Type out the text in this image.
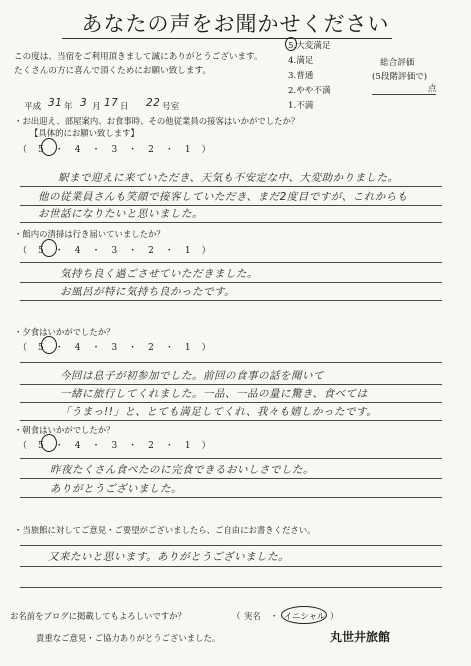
あなたの声をお聞かせください
この度は、当宿をご利用頂きまして誠にありがとうございます。
たくさんの方に喜んで頂くためにお願い致します。
5.大変満足
4.満足
3.普通
2.やや不満
1.不満
総合評価
(5段階評価で)
点
平成 31 年 3 月 17 日 22 号室
・お出迎え、部屋案内、お食事時、その他従業員の接客はいかがでしたか？
【具体的にお願い致します】
（　5　・　4　・　3　・　2　・　1　）
駅まで迎えに来ていただき、天気も不安定な中、大変助かりました。
他の従業員さんも笑顔で接客していただき、まだ2度目ですが、これからも
お世話になりたいと思いました。
・館内の清掃は行き届いていましたか？
（　5　・　4　・　3　・　2　・　1　）
気持ち良く過ごさせていただきました。
お風呂が特に気持ち良かったです。
・夕食はいかがでしたか？
（　5　・　4　・　3　・　2　・　1　）
今回は息子が初参加でした。前回の食事の話を聞いて
一緒に旅行してくれました。一品、一品の量に驚き、食べては
「うまっ!!」と、とても満足してくれ、我々も嬉しかったです。
・朝食はいかがでしたか？
（　5　・　4　・　3　・　2　・　1　）
昨夜たくさん食べたのに完食できるおいしさでした。
ありがとうございました。
・当旅館に対してご意見・ご要望がございましたら、ご自由にお書きください。
又来たいと思います。ありがとうございました。
お名前をブログに掲載してもよろしいですか？	（ 実名 ・ イニシャル ）
貴重なご意見・ご協力ありがとうございました。	丸世井旅館
